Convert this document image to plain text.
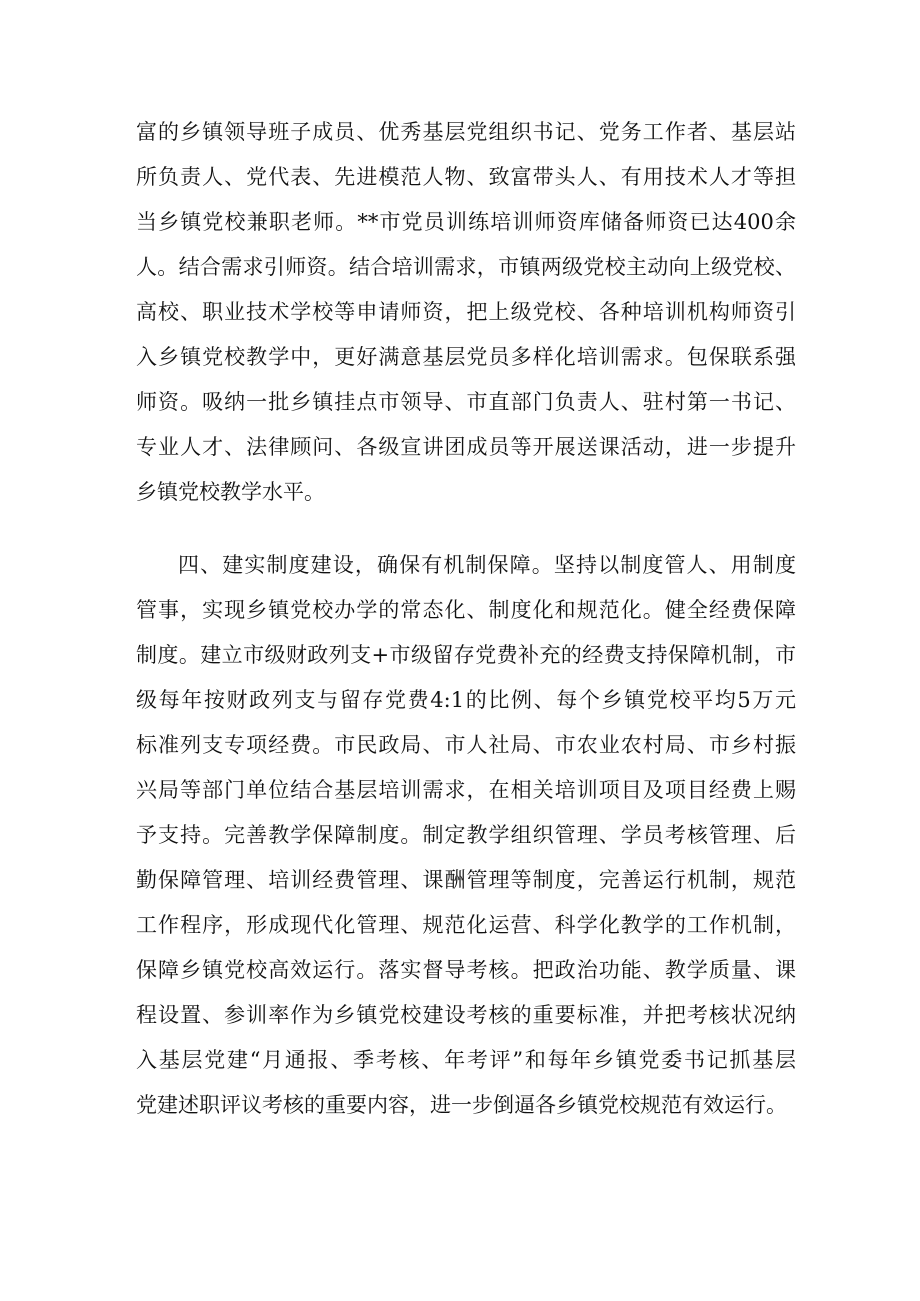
富的乡镇领导班子成员、优秀基层党组织书记、党务工作者、基层站
所负责人、党代表、先进模范人物、致富带头人、有用技术人才等担
当乡镇党校兼职老师。**市党员训练培训师资库储备师资已达400余
人。结合需求引师资。结合培训需求，市镇两级党校主动向上级党校、
高校、职业技术学校等申请师资，把上级党校、各种培训机构师资引
入乡镇党校教学中，更好满意基层党员多样化培训需求。包保联系强
师资。吸纳一批乡镇挂点市领导、市直部门负责人、驻村第一书记、
专业人才、法律顾问、各级宣讲团成员等开展送课活动，进一步提升
乡镇党校教学水平。
四、建实制度建设，确保有机制保障。坚持以制度管人、用制度
管事，实现乡镇党校办学的常态化、制度化和规范化。健全经费保障
制度。建立市级财政列支+市级留存党费补充的经费支持保障机制，市
级每年按财政列支与留存党费4:1的比例、每个乡镇党校平均5万元
标准列支专项经费。市民政局、市人社局、市农业农村局、市乡村振
兴局等部门单位结合基层培训需求，在相关培训项目及项目经费上赐
予支持。完善教学保障制度。制定教学组织管理、学员考核管理、后
勤保障管理、培训经费管理、课酬管理等制度，完善运行机制，规范
工作程序，形成现代化管理、规范化运营、科学化教学的工作机制，
保障乡镇党校高效运行。落实督导考核。把政治功能、教学质量、课
程设置、参训率作为乡镇党校建设考核的重要标准，并把考核状况纳
入基层党建“月通报、季考核、年考评”和每年乡镇党委书记抓基层
党建述职评议考核的重要内容，进一步倒逼各乡镇党校规范有效运行。
